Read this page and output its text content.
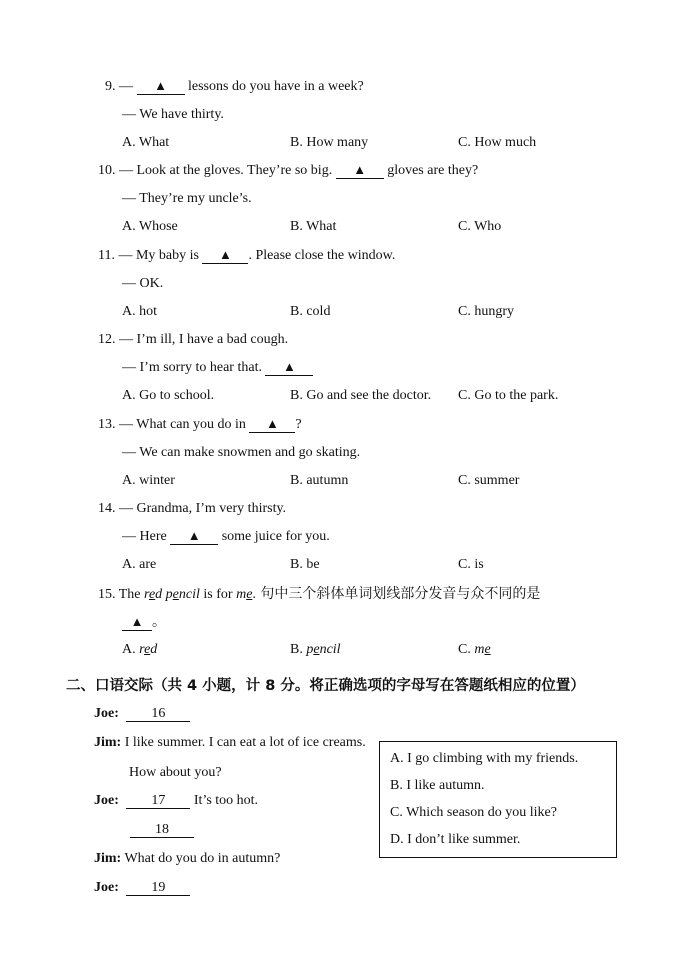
9. — ▲ lessons do you have in a week?
— We have thirty.
A. What	B. How many	C. How much
10. — Look at the gloves. They’re so big. ▲ gloves are they?
— They’re my uncle’s.
A. Whose	B. What	C. Who
11. — My baby is ▲ . Please close the window.
— OK.
A. hot	B. cold	C. hungry
12. — I’m ill, I have a bad cough.
— I’m sorry to hear that. ▲
A. Go to school.	B. Go and see the doctor. C. Go to the park.
13. — What can you do in ▲ ?
— We can make snowmen and go skating.
A. winter	B. autumn	C. summer
14. — Grandma, I’m very thirsty.
— Here ▲ some juice for you.
A. are	B. be	C. is
15. The red pencil is for me. 句中三个斜体单词划线部分发音与众不同的是
▲ 。
A. red	B. pencil	C. me
二、口语交际（共 4 小题，计 8 分。将正确选项的字母写在答题纸相应的位置）
Joe: 16
Jim: I like summer. I can eat a lot of ice creams.
How about you?
Joe: 17 It’s too hot.
18
Jim: What do you do in autumn?
Joe: 19
A. I go climbing with my friends.
B. I like autumn.
C. Which season do you like?
D. I don’t like summer.
